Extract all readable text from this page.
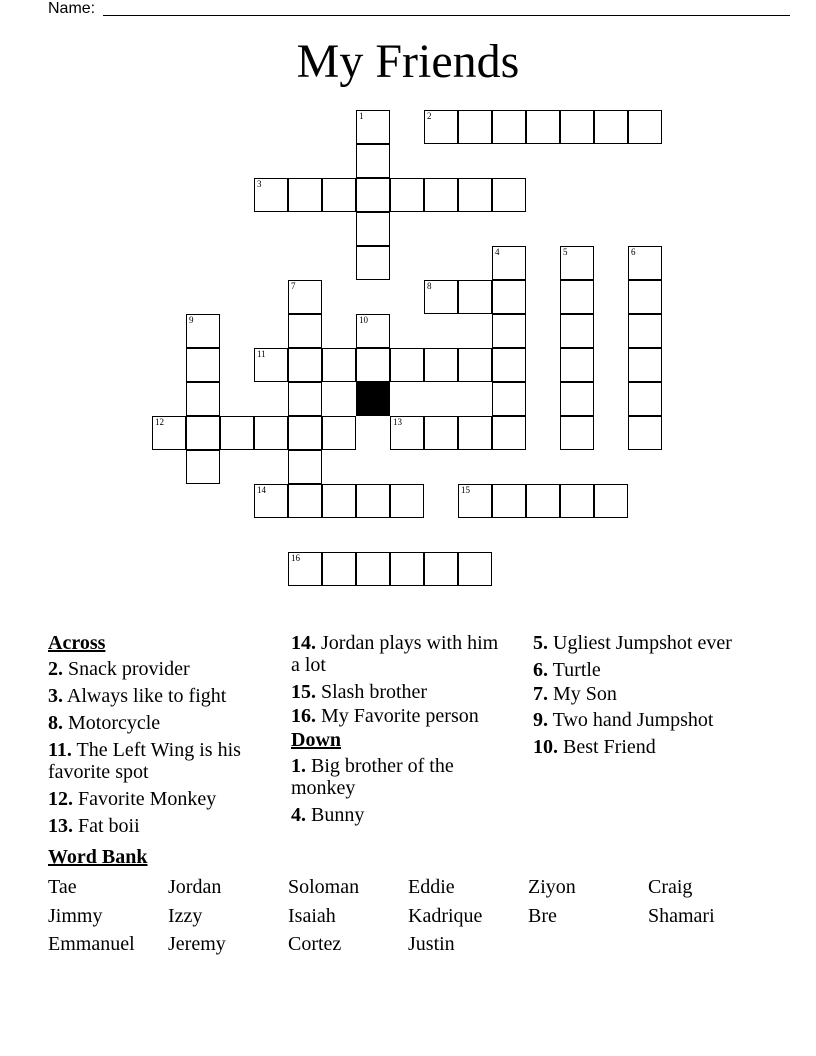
Name:
My Friends
2
3
8
11
12	13
14	15
16
1
4	5	6
7
9	10
Across
2. Snack provider
3. Always like to fight
8. Motorcycle
11. The Left Wing is his favorite spot
12. Favorite Monkey
13. Fat boii
14. Jordan plays with him a lot
15. Slash brother
16. My Favorite person
Down
1. Big brother of the monkey
4. Bunny
5. Ugliest Jumpshot ever
6. Turtle
7. My Son
9. Two hand Jumpshot
10. Best Friend
Word Bank
Tae	Jordan	Soloman	Eddie	Ziyon	Craig
Jimmy	Izzy	Isaiah	Kadrique	Bre	Shamari
Emmanuel	Jeremy	Cortez	Justin
